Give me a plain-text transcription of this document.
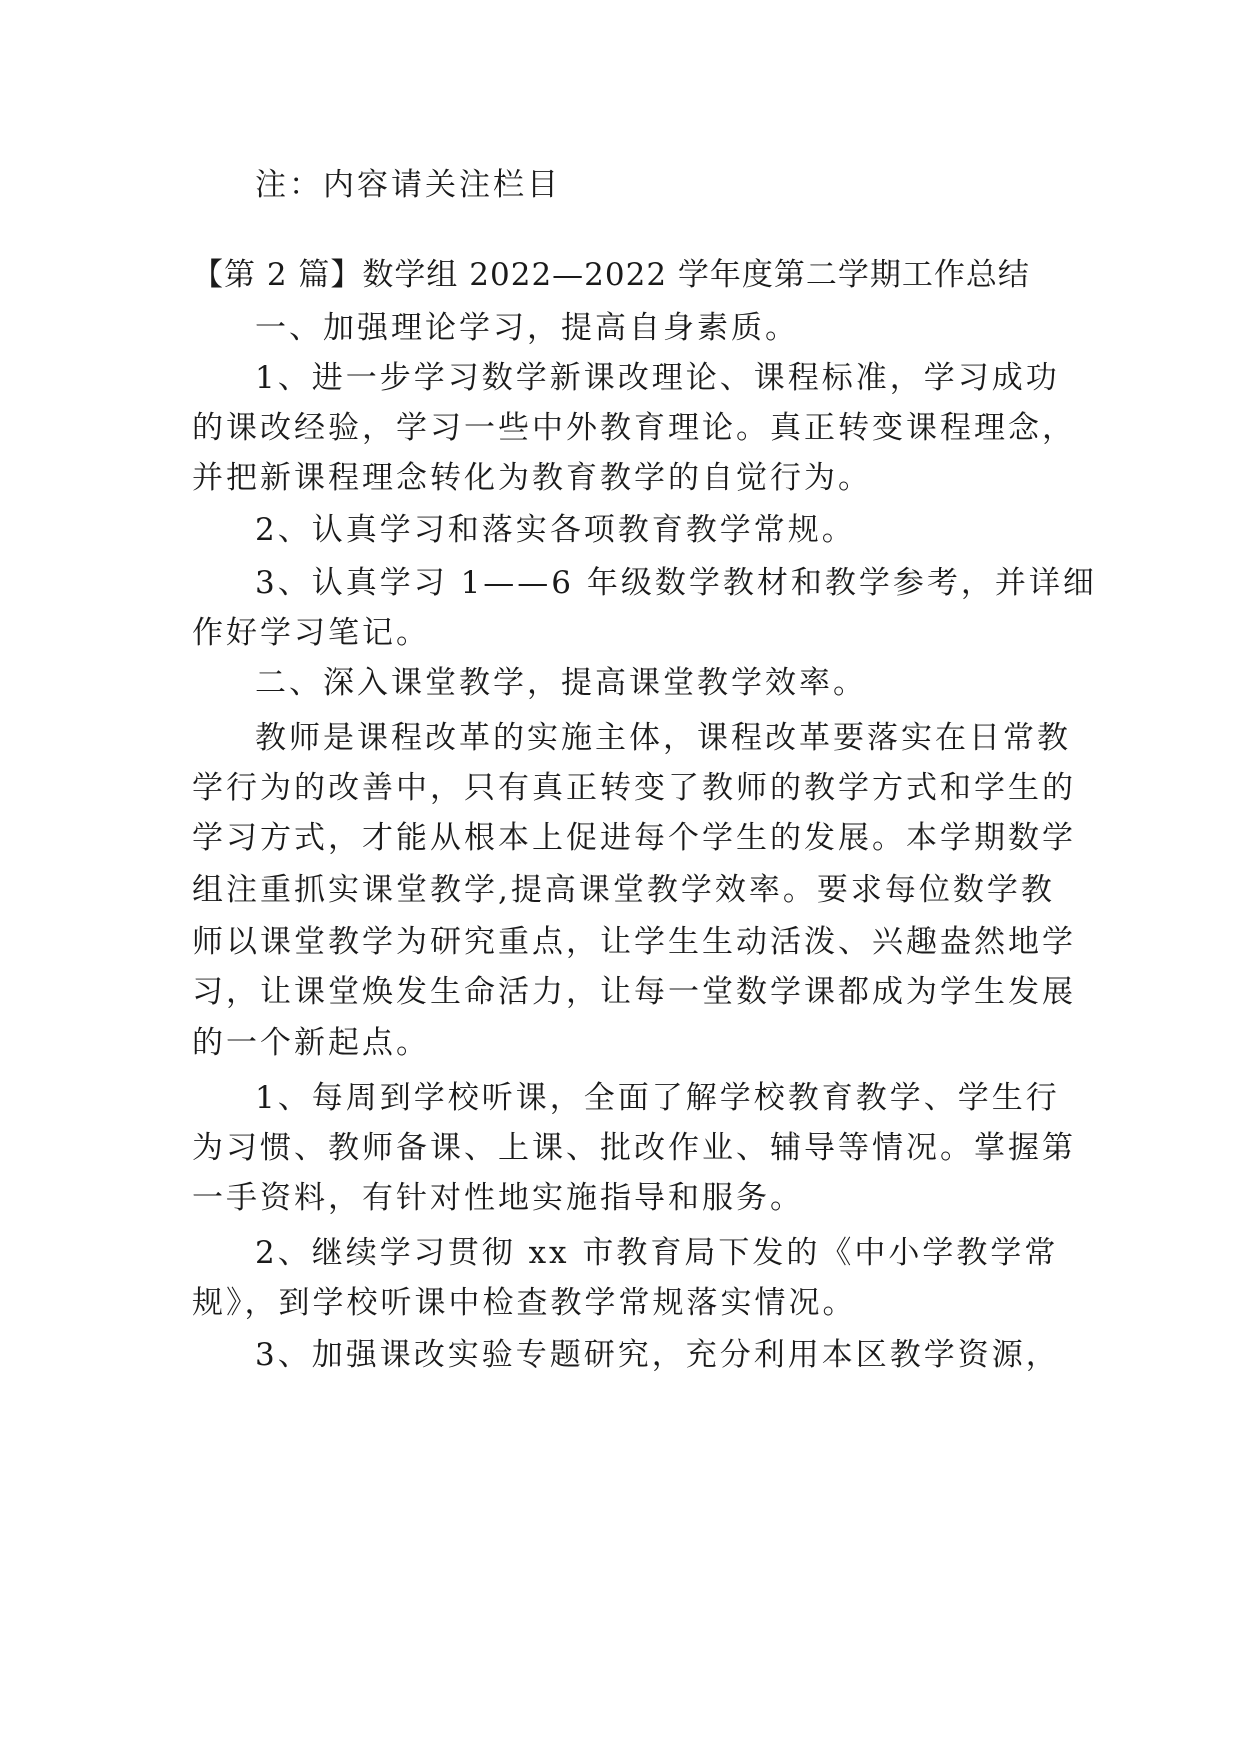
注：内容请关注栏目
【第 2 篇】数学组 2022—2022 学年度第二学期工作总结
一、加强理论学习，提高自身素质。
1、进一步学习数学新课改理论、课程标准，学习成功
的课改经验，学习一些中外教育理论。真正转变课程理念，
并把新课程理念转化为教育教学的自觉行为。
2、认真学习和落实各项教育教学常规。
3、认真学习 1——6 年级数学教材和教学参考，并详细
作好学习笔记。
二、深入课堂教学，提高课堂教学效率。
教师是课程改革的实施主体，课程改革要落实在日常教
学行为的改善中，只有真正转变了教师的教学方式和学生的
学习方式，才能从根本上促进每个学生的发展。本学期数学
组注重抓实课堂教学,提高课堂教学效率。要求每位数学教
师以课堂教学为研究重点，让学生生动活泼、兴趣盎然地学
习，让课堂焕发生命活力，让每一堂数学课都成为学生发展
的一个新起点。
1、每周到学校听课，全面了解学校教育教学、学生行
为习惯、教师备课、上课、批改作业、辅导等情况。掌握第
一手资料，有针对性地实施指导和服务。
2、继续学习贯彻 xx 市教育局下发的《中小学教学常
规》，到学校听课中检查教学常规落实情况。
3、加强课改实验专题研究，充分利用本区教学资源，
